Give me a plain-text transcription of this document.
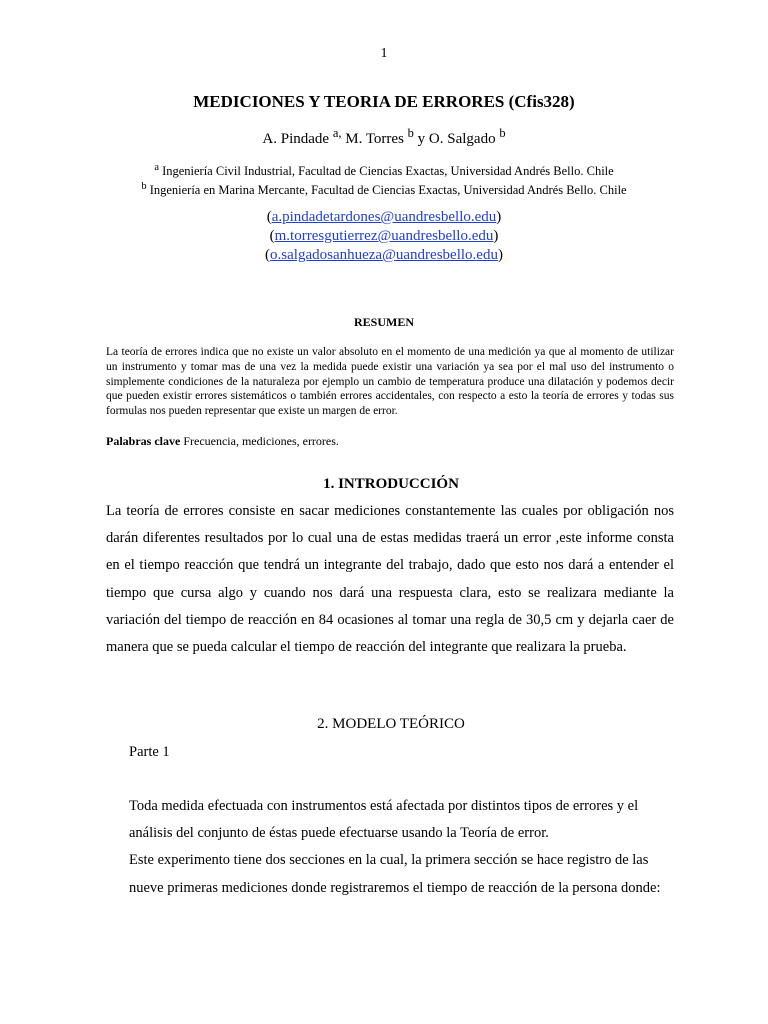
1
MEDICIONES Y TEORIA DE ERRORES (Cfis328)
A. Pindade $^{a,}$ M. Torres $^b$ y O. Salgado $^b$
$^a$ Ingeniería Civil Industrial, Facultad de Ciencias Exactas, Universidad Andrés Bello. Chile
$^b$ Ingeniería en Marina Mercante, Facultad de Ciencias Exactas, Universidad Andrés Bello. Chile
(a.pindadetardones@uandresbello.edu)
(m.torresgutierrez@uandresbello.edu)
(o.salgadosanhueza@uandresbello.edu)
RESUMEN
La teoría de errores indica que no existe un valor absoluto en el momento de una medición ya que al momento de utilizar un instrumento y tomar mas de una vez la medida puede existir una variación ya sea por el mal uso del instrumento o simplemente condiciones de la naturaleza por ejemplo un cambio de temperatura produce una dilatación y podemos decir que pueden existir errores sistemáticos o también errores accidentales, con respecto a esto la teoría de errores y todas sus formulas nos pueden representar que existe un margen de error.
Palabras clave Frecuencia, mediciones, errores.
1. INTRODUCCIÓN
La teoría de errores consiste en sacar mediciones constantemente las cuales por obligación nos darán diferentes resultados por lo cual una de estas medidas traerá un error ,este informe consta en el tiempo reacción que tendrá un integrante del trabajo, dado que esto nos dará a entender el tiempo que cursa algo y cuando nos dará una respuesta clara, esto se realizara mediante la variación del tiempo de reacción en 84 ocasiones al tomar una regla de 30,5 cm y dejarla caer de manera que se pueda calcular el tiempo de reacción del integrante que realizara la prueba.
2. MODELO TEÓRICO
Parte 1

Toda medida efectuada con instrumentos está afectada por distintos tipos de errores y el análisis del conjunto de éstas puede efectuarse usando la Teoría de error.

Este experimento tiene dos secciones en la cual, la primera sección se hace registro de las nueve primeras mediciones donde registraremos el tiempo de reacción de la persona donde:
